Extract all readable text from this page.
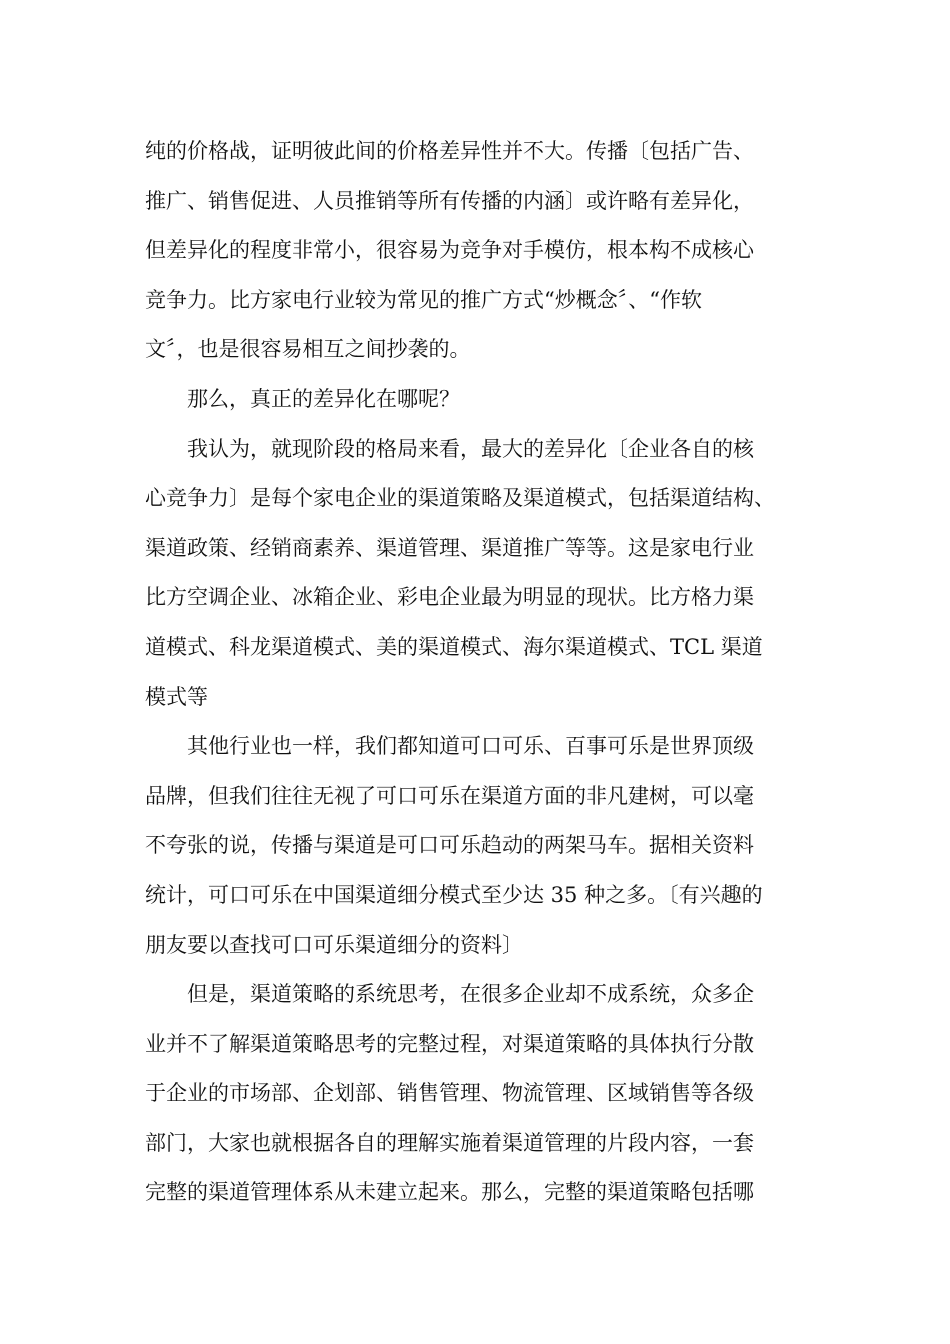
纯的价格战，证明彼此间的价格差异性并不大。传播〔包括广告、
推广、销售促进、人员推销等所有传播的内涵〕或许略有差异化，
但差异化的程度非常小，很容易为竞争对手模仿，根本构不成核心
竞争力。比方家电行业较为常见的推广方式“炒概念〞、“作软
文〞，也是很容易相互之间抄袭的。
那么，真正的差异化在哪呢？
我认为，就现阶段的格局来看，最大的差异化〔企业各自的核
心竞争力〕是每个家电企业的渠道策略及渠道模式，包括渠道结构、
渠道政策、经销商素养、渠道管理、渠道推广等等。这是家电行业
比方空调企业、冰箱企业、彩电企业最为明显的现状。比方格力渠
道模式、科龙渠道模式、美的渠道模式、海尔渠道模式、TCL 渠道
模式等
其他行业也一样，我们都知道可口可乐、百事可乐是世界顶级
品牌，但我们往往无视了可口可乐在渠道方面的非凡建树，可以毫
不夸张的说，传播与渠道是可口可乐趋动的两架马车。据相关资料
统计，可口可乐在中国渠道细分模式至少达 35 种之多。〔有兴趣的
朋友要以查找可口可乐渠道细分的资料〕
但是，渠道策略的系统思考，在很多企业却不成系统，众多企
业并不了解渠道策略思考的完整过程，对渠道策略的具体执行分散
于企业的市场部、企划部、销售管理、物流管理、区域销售等各级
部门，大家也就根据各自的理解实施着渠道管理的片段内容，一套
完整的渠道管理体系从未建立起来。那么，完整的渠道策略包括哪
